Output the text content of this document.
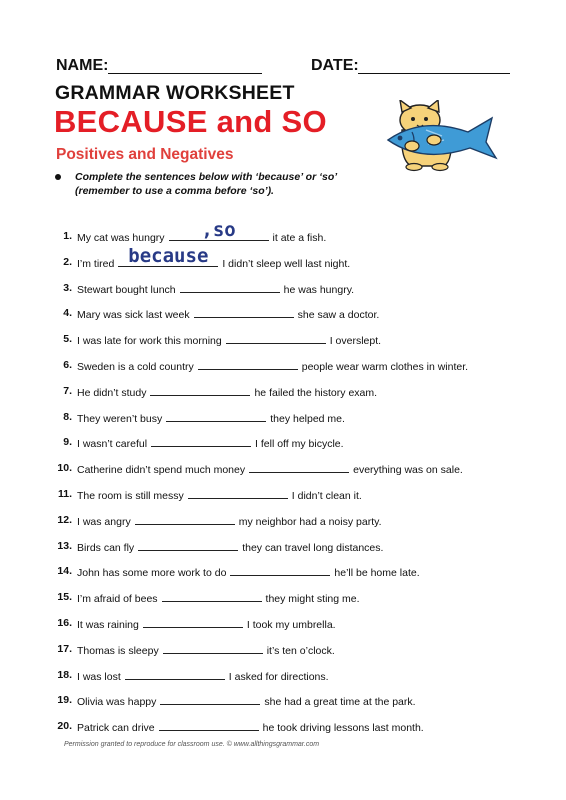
NAME:	DATE:
GRAMMAR WORKSHEET
BECAUSE and SO
Positives and Negatives
Complete the sentences below with ‘because’ or ‘so’
(remember to use a comma before ‘so’).
1. My cat was hungry ,so	it ate a fish.
2. I’m tired because I didn’t sleep well last night.
3. Stewart bought lunch	he was hungry.
4. Mary was sick last week	she saw a doctor.
5. I was late for work this morning	I overslept.
6. Sweden is a cold country	people wear warm clothes in winter.
7. He didn’t study	he failed the history exam.
8. They weren’t busy	they helped me.
9. I wasn’t careful	I fell off my bicycle.
10. Catherine didn’t spend much money	everything was on sale.
11. The room is still messy	I didn’t clean it.
12. I was angry	my neighbor had a noisy party.
13. Birds can fly	they can travel long distances.
14. John has some more work to do	he’ll be home late.
15. I’m afraid of bees	they might sting me.
16. It was raining	I took my umbrella.
17. Thomas is sleepy	it’s ten o’clock.
18. I was lost	I asked for directions.
19. Olivia was happy	she had a great time at the park.
20. Patrick can drive	he took driving lessons last month.
Permission granted to reproduce for classroom use. © www.allthingsgrammar.com
